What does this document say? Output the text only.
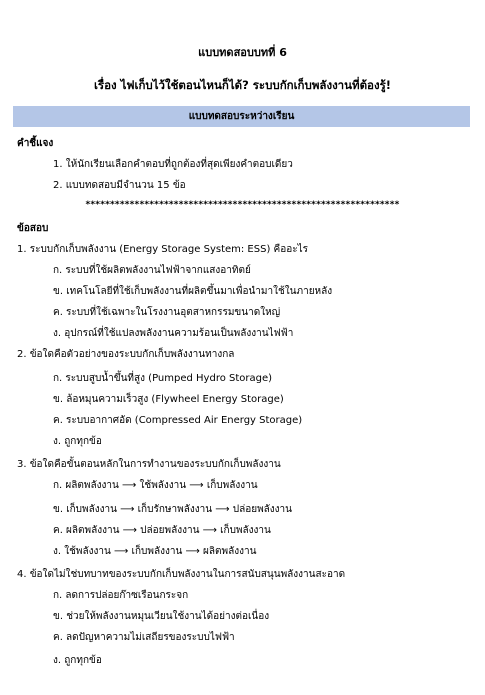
แบบทดสอบบทที่ 6
เรื่อง ไฟเก็บไว้ใช้ตอนไหนก็ได้? ระบบกักเก็บพลังงานที่ต้องรู้!
แบบทดสอบระหว่างเรียน
คำชี้แจง
1. ให้นักเรียนเลือกคำตอบที่ถูกต้องที่สุดเพียงคำตอบเดียว
2. แบบทดสอบมีจำนวน 15 ข้อ
****************************************************************
ข้อสอบ
1. ระบบกักเก็บพลังงาน (Energy Storage System: ESS) คืออะไร
ก. ระบบที่ใช้ผลิตพลังงานไฟฟ้าจากแสงอาทิตย์
ข. เทคโนโลยีที่ใช้เก็บพลังงานที่ผลิตขึ้นมาเพื่อนำมาใช้ในภายหลัง
ค. ระบบที่ใช้เฉพาะในโรงงานอุตสาหกรรมขนาดใหญ่
ง. อุปกรณ์ที่ใช้แปลงพลังงานความร้อนเป็นพลังงานไฟฟ้า
2. ข้อใดคือตัวอย่างของระบบกักเก็บพลังงานทางกล
ก. ระบบสูบน้ำขึ้นที่สูง (Pumped Hydro Storage)
ข. ล้อหมุนความเร็วสูง (Flywheel Energy Storage)
ค. ระบบอากาศอัด (Compressed Air Energy Storage)
ง. ถูกทุกข้อ
3. ข้อใดคือขั้นตอนหลักในการทำงานของระบบกักเก็บพลังงาน
ก. ผลิตพลังงาน ⟶ ใช้พลังงาน ⟶ เก็บพลังงาน
ข. เก็บพลังงาน ⟶ เก็บรักษาพลังงาน ⟶ ปล่อยพลังงาน
ค. ผลิตพลังงาน ⟶ ปล่อยพลังงาน ⟶ เก็บพลังงาน
ง. ใช้พลังงาน ⟶ เก็บพลังงาน ⟶ ผลิตพลังงาน
4. ข้อใดไม่ใช่บทบาทของระบบกักเก็บพลังงานในการสนับสนุนพลังงานสะอาด
ก. ลดการปล่อยก๊าซเรือนกระจก
ข. ช่วยให้พลังงานหมุนเวียนใช้งานได้อย่างต่อเนื่อง
ค. ลดปัญหาความไม่เสถียรของระบบไฟฟ้า
ง. ถูกทุกข้อ
